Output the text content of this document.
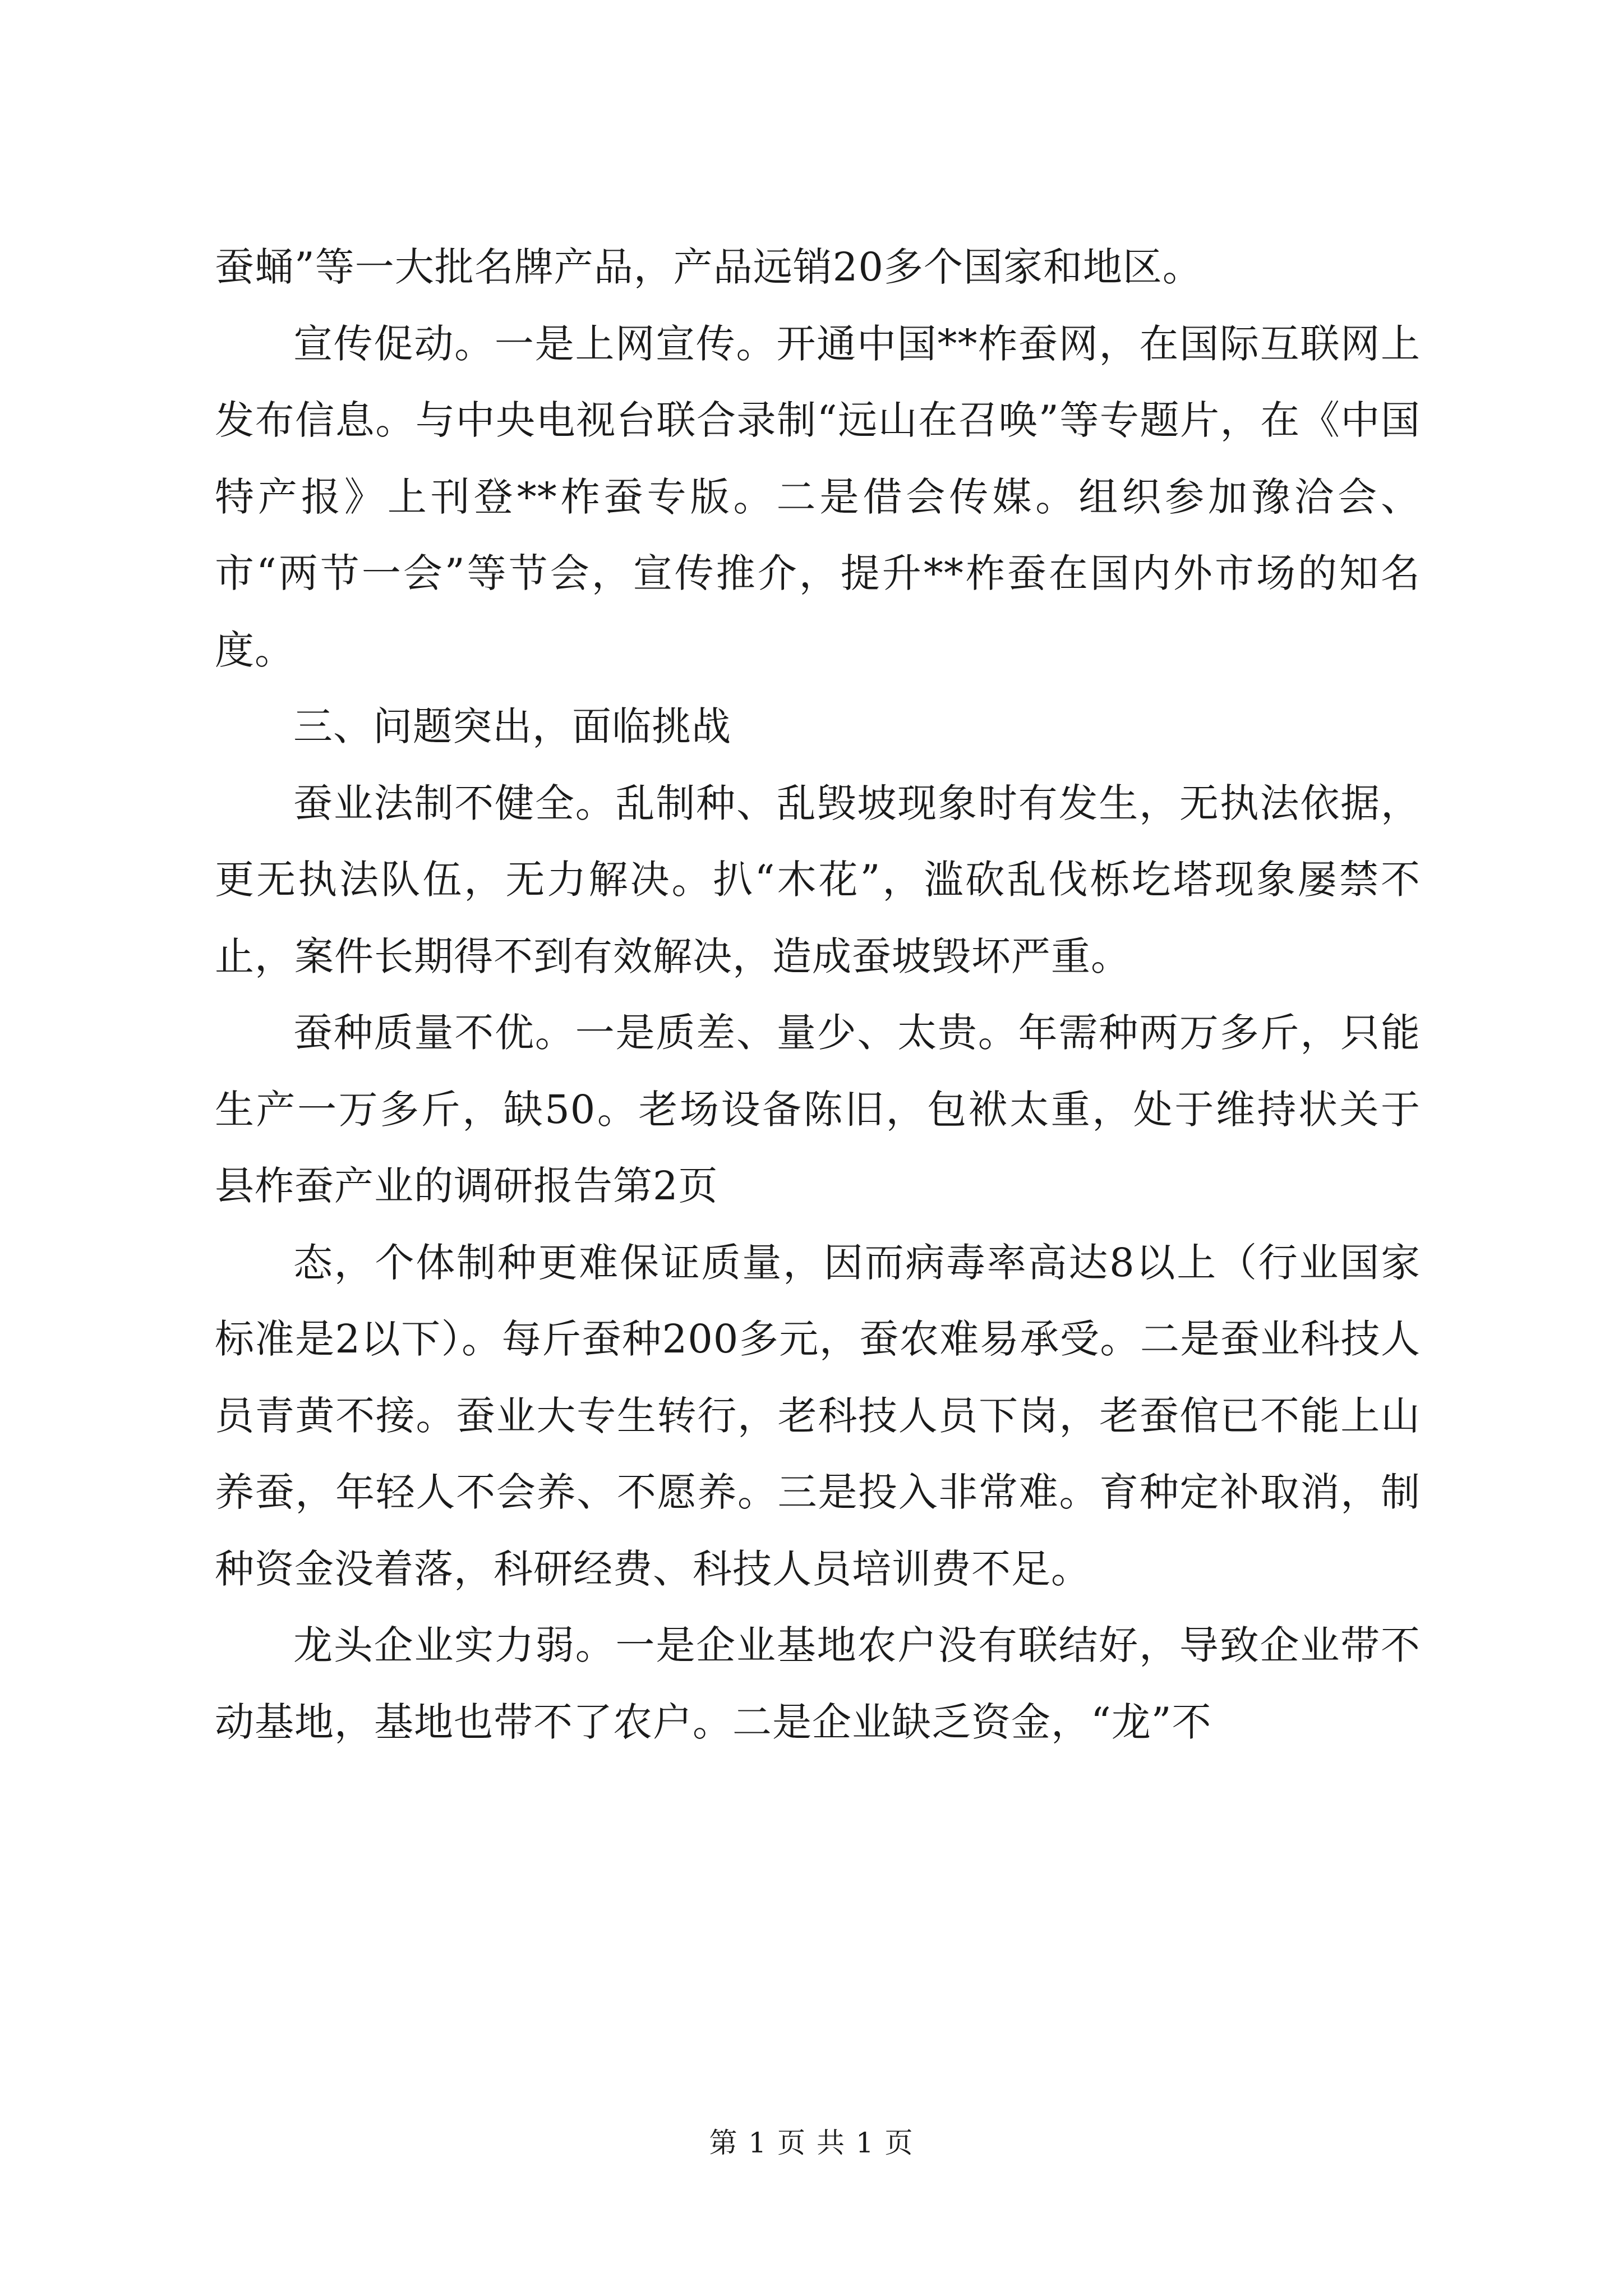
蚕蛹”等一大批名牌产品，产品远销20多个国家和地区。

宣传促动。一是上网宣传。开通中国**柞蚕网，在国际互联网上发布信息。与中央电视台联合录制“远山在召唤”等专题片，在《中国特产报》上刊登**柞蚕专版。二是借会传媒。组织参加豫洽会、市“两节一会”等节会，宣传推介，提升**柞蚕在国内外市场的知名度。

三、问题突出，面临挑战

蚕业法制不健全。乱制种、乱毁坡现象时有发生，无执法依据，更无执法队伍，无力解决。扒“木花”，滥砍乱伐栎圪塔现象屡禁不止，案件长期得不到有效解决，造成蚕坡毁坏严重。

蚕种质量不优。一是质差、量少、太贵。年需种两万多斤，只能生产一万多斤，缺50。老场设备陈旧，包袱太重，处于维持状关于县柞蚕产业的调研报告第2页

态，个体制种更难保证质量，因而病毒率高达8以上（行业国家标准是2以下）。每斤蚕种200多元，蚕农难易承受。二是蚕业科技人员青黄不接。蚕业大专生转行，老科技人员下岗，老蚕倌已不能上山养蚕，年轻人不会养、不愿养。三是投入非常难。育种定补取消，制种资金没着落，科研经费、科技人员培训费不足。

龙头企业实力弱。一是企业基地农户没有联结好，导致企业带不动基地，基地也带不了农户。二是企业缺乏资金，“龙”不

第 1 页 共 1 页
